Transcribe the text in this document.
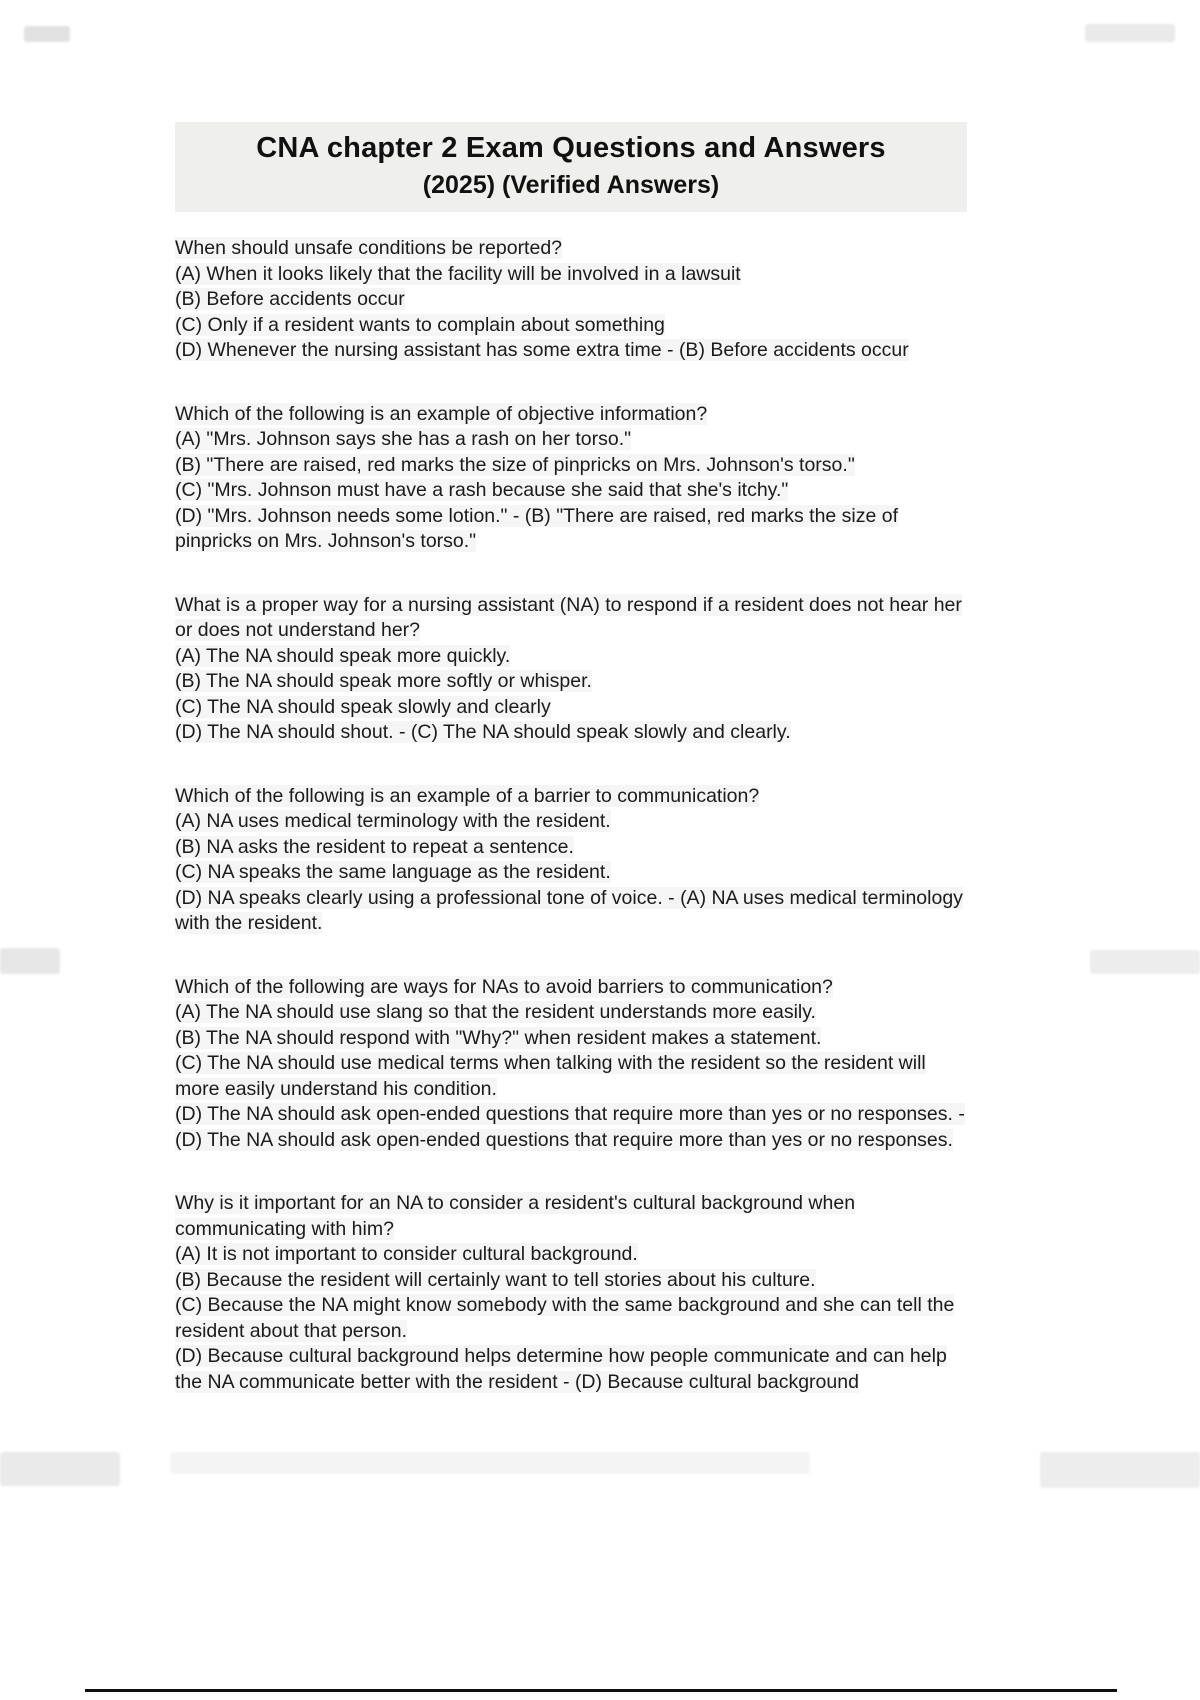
CNA chapter 2 Exam Questions and Answers
(2025) (Verified Answers)

When should unsafe conditions be reported?

(A) When it looks likely that the facility will be involved in a lawsuit

(B) Before accidents occur

(C) Only if a resident wants to complain about something

(D) Whenever the nursing assistant has some extra time - (B) Before accidents occur

Which of the following is an example of objective information?

(A) "Mrs. Johnson says she has a rash on her torso."

(B) "There are raised, red marks the size of pinpricks on Mrs. Johnson's torso."

(C) "Mrs. Johnson must have a rash because she said that she's itchy."

(D) "Mrs. Johnson needs some lotion." - (B) "There are raised, red marks the size of pinpricks on Mrs. Johnson's torso."

What is a proper way for a nursing assistant (NA) to respond if a resident does not hear her or does not understand her?

(A) The NA should speak more quickly.

(B) The NA should speak more softly or whisper.

(C) The NA should speak slowly and clearly

(D) The NA should shout. - (C) The NA should speak slowly and clearly.

Which of the following is an example of a barrier to communication?

(A) NA uses medical terminology with the resident.

(B) NA asks the resident to repeat a sentence.

(C) NA speaks the same language as the resident.

(D) NA speaks clearly using a professional tone of voice. - (A) NA uses medical terminology with the resident.

Which of the following are ways for NAs to avoid barriers to communication?

(A) The NA should use slang so that the resident understands more easily.

(B) The NA should respond with "Why?" when resident makes a statement.

(C) The NA should use medical terms when talking with the resident so the resident will more easily understand his condition.

(D) The NA should ask open-ended questions that require more than yes or no responses. - (D) The NA should ask open-ended questions that require more than yes or no responses.

Why is it important for an NA to consider a resident's cultural background when communicating with him?

(A) It is not important to consider cultural background.

(B) Because the resident will certainly want to tell stories about his culture.

(C) Because the NA might know somebody with the same background and she can tell the resident about that person.

(D) Because cultural background helps determine how people communicate and can help the NA communicate better with the resident - (D) Because cultural background
